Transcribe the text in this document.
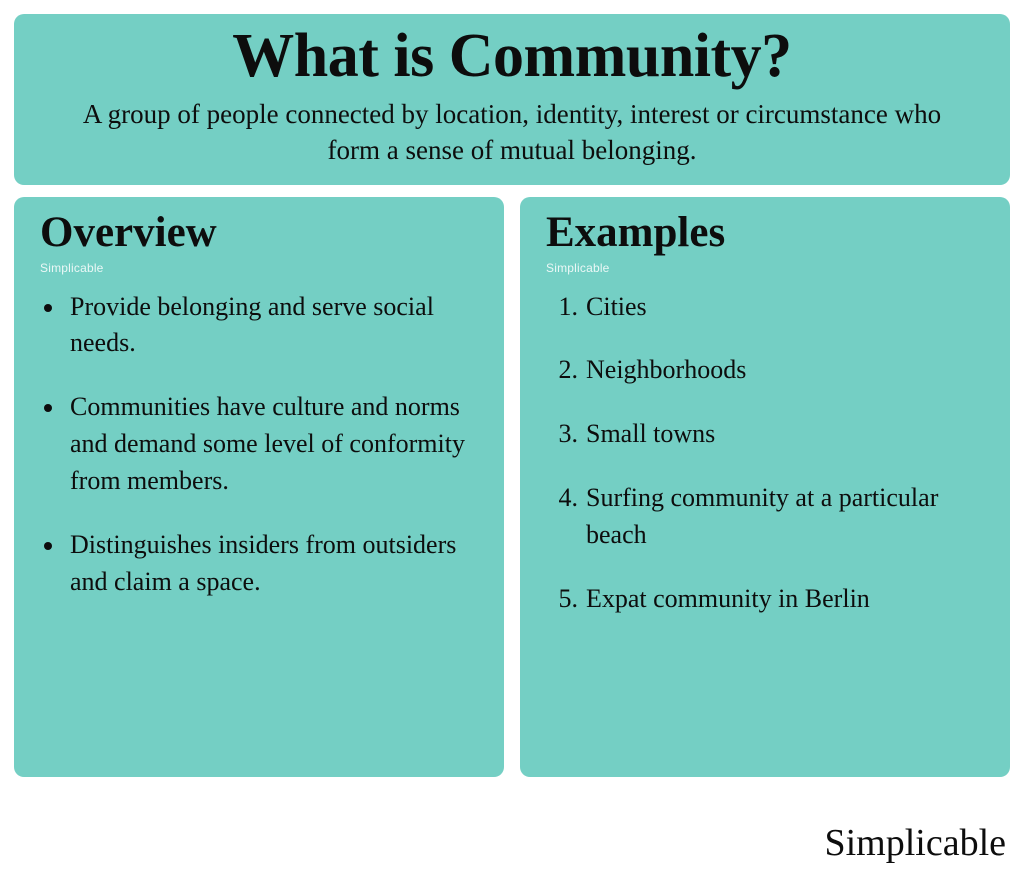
What is Community?

A group of people connected by location, identity, interest or circumstance who form a sense of mutual belonging.

Overview
Simplicable
Provide belonging and serve social needs.
Communities have culture and norms and demand some level of conformity from members.
Distinguishes insiders from outsiders and claim a space.
Examples
Simplicable
Cities
Neighborhoods
Small towns
Surfing community at a particular beach
Expat community in Berlin
Simplicable
